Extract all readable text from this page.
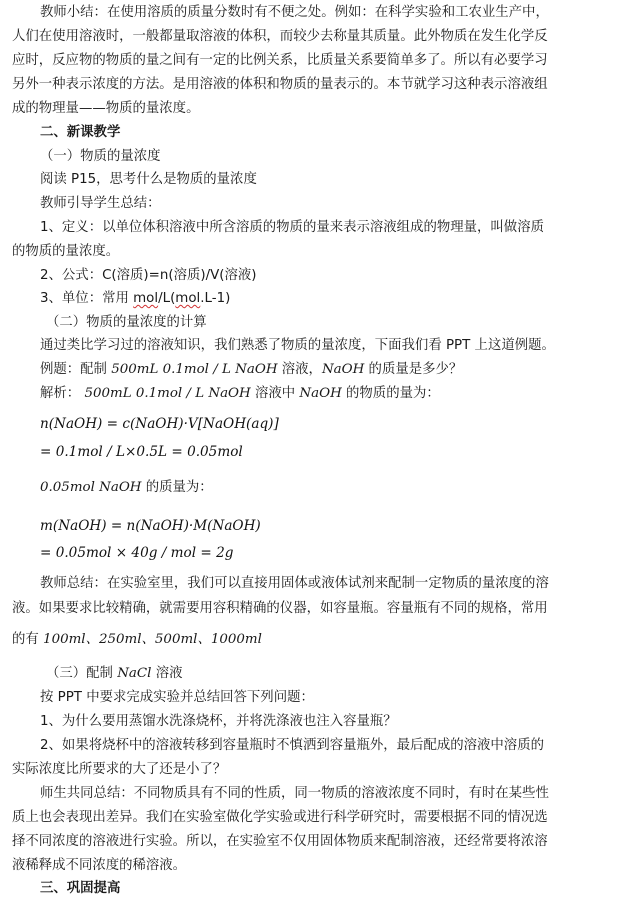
教师小结：在使用溶质的质量分数时有不便之处。例如：在科学实验和工农业生产中，
人们在使用溶液时，一般都量取溶液的体积，而较少去称量其质量。此外物质在发生化学反
应时，反应物的物质的量之间有一定的比例关系，比质量关系要简单多了。所以有必要学习
另外一种表示浓度的方法。是用溶液的体积和物质的量表示的。本节就学习这种表示溶液组
成的物理量——物质的量浓度。
二、新课教学
（一）物质的量浓度
阅读 P15，思考什么是物质的量浓度
教师引导学生总结：
1、定义：以单位体积溶液中所含溶质的物质的量来表示溶液组成的物理量，叫做溶质
的物质的量浓度。
2、公式：C(溶质)=n(溶质)/V(溶液)
3、单位：常用 mol/L(mol.L-1)
（二）物质的量浓度的计算
通过类比学习过的溶液知识，我们熟悉了物质的量浓度，下面我们看 PPT 上这道例题。
例题：配制 500mL 0.1mol / L NaOH 溶液，NaOH 的质量是多少？
解析： 500mL 0.1mol / L NaOH 溶液中 NaOH 的物质的量为：
n(NaOH) = c(NaOH)·V[NaOH(aq)]
= 0.1mol / L×0.5L = 0.05mol
0.05mol NaOH 的质量为：
m(NaOH) = n(NaOH)·M(NaOH)
= 0.05mol × 40g / mol = 2g
教师总结：在实验室里，我们可以直接用固体或液体试剂来配制一定物质的量浓度的溶
液。如果要求比较精确，就需要用容积精确的仪器，如容量瓶。容量瓶有不同的规格，常用
的有 100ml、250ml、500ml、1000ml
（三）配制 NaCl 溶液
按 PPT 中要求完成实验并总结回答下列问题：
1、为什么要用蒸馏水洗涤烧杯，并将洗涤液也注入容量瓶？
2、如果将烧杯中的溶液转移到容量瓶时不慎洒到容量瓶外，最后配成的溶液中溶质的
实际浓度比所要求的大了还是小了？
师生共同总结：不同物质具有不同的性质，同一物质的溶液浓度不同时，有时在某些性
质上也会表现出差异。我们在实验室做化学实验或进行科学研究时，需要根据不同的情况选
择不同浓度的溶液进行实验。所以，在实验室不仅用固体物质来配制溶液，还经常要将浓溶
液稀释成不同浓度的稀溶液。
三、巩固提高
